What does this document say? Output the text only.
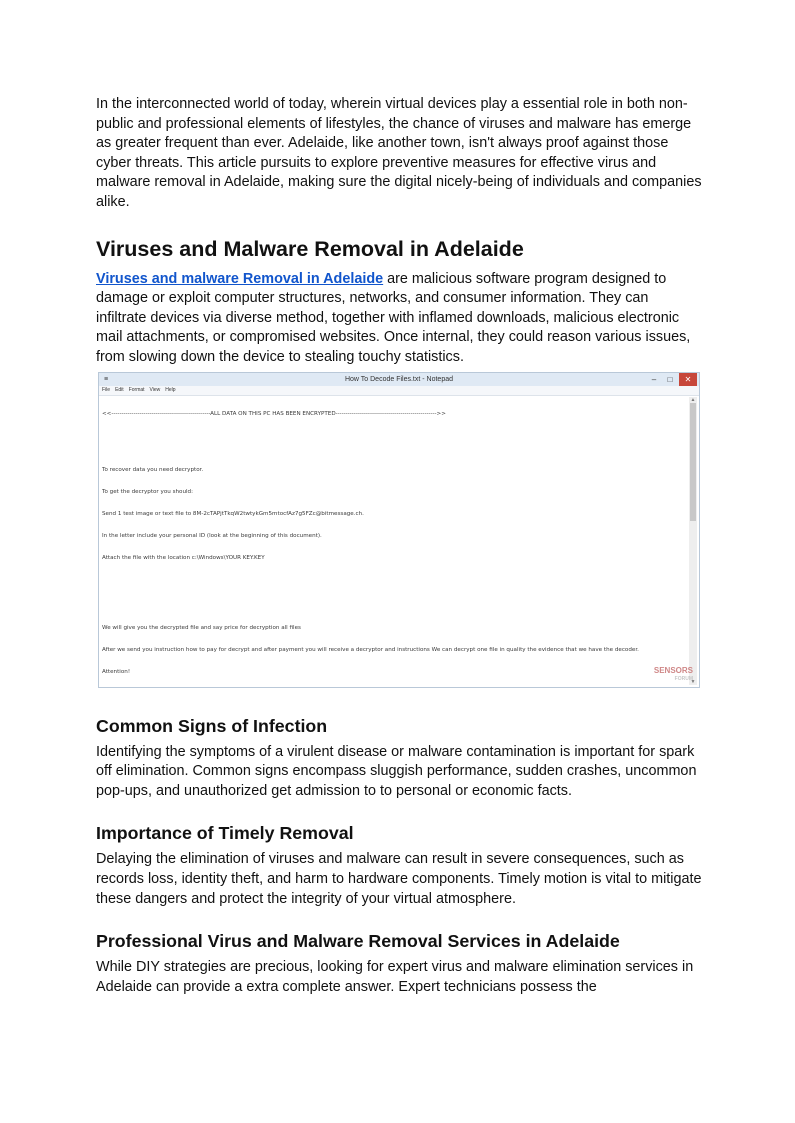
In the interconnected world of today, wherein virtual devices play a essential role in both non-public and professional elements of lifestyles, the chance of viruses and malware has emerge as greater frequent than ever. Adelaide, like another town, isn't always proof against those cyber threats. This article pursuits to explore preventive measures for effective virus and malware removal in Adelaide, making sure the digital nicely-being of individuals and companies alike.

Viruses and Malware Removal in Adelaide

Viruses and malware Removal in Adelaide are malicious software program designed to damage or exploit computer structures, networks, and consumer information. They can infiltrate devices via diverse method, together with inflamed downloads, malicious electronic mail attachments, or compromised websites. Once internal, they could reason various issues, from slowing down the device to stealing touchy statistics.

≡	How To Decode Files.txt - Notepad	–	□	✕
File Edit Format View Help

<<-------------------------------------------------ALL DATA ON THIS PC HAS BEEN ENCRYPTED-------------------------------------------------->>

To recover data you need decryptor.

To get the decryptor you should:

Send 1 test image or text file to 8M-2cTAPjtTkqW2twtykGm5mtocfAz7g5FZc@bitmessage.ch.

In the letter include your personal ID (look at the beginning of this document).

Attach the file with the location c:\Windows\YOUR KEY.KEY

We will give you the decrypted file and say price for decryption all files

After we send you instruction how to pay for decrypt and after payment you will receive a decryptor and instructions We can decrypt one file in quality the evidence that we have the decoder.

Attention!

▲
▼
SENSORS
FORUM
Common Signs of Infection

Identifying the symptoms of a virulent disease or malware contamination is important for spark off elimination. Common signs encompass sluggish performance, sudden crashes, uncommon pop-ups, and unauthorized get admission to to personal or economic facts.

Importance of Timely Removal

Delaying the elimination of viruses and malware can result in severe consequences, such as records loss, identity theft, and harm to hardware components. Timely motion is vital to mitigate these dangers and protect the integrity of your virtual atmosphere.

Professional Virus and Malware Removal Services in Adelaide

While DIY strategies are precious, looking for expert virus and malware elimination services in Adelaide can provide a extra complete answer. Expert technicians possess the
